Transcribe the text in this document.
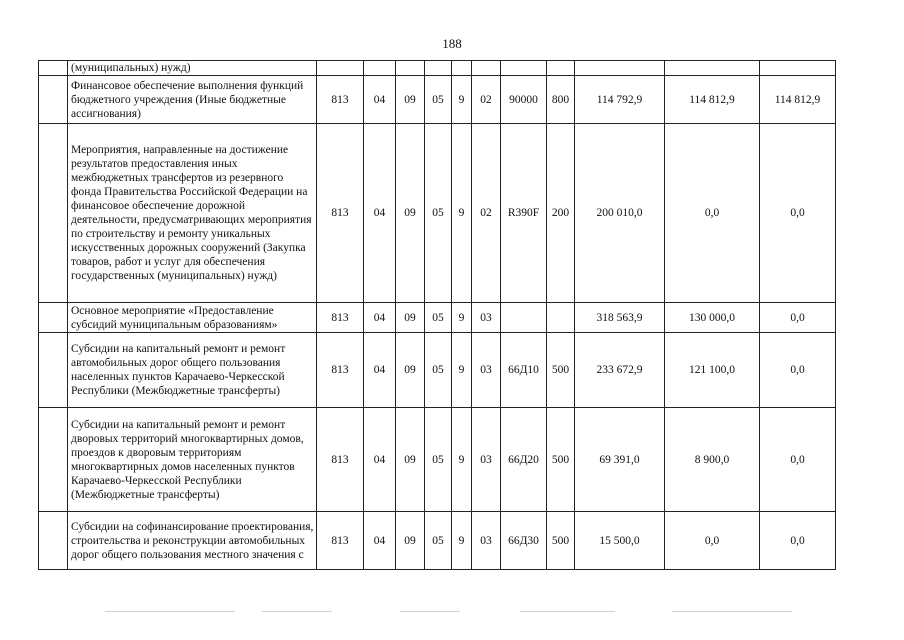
188
	(муниципальных) нужд)											
	Финансовое обеспечение выполнения функций бюджетного учреждения (Иные бюджетные ассигнования)	813	04	09	05	9	02	90000	800	114 792,9	114 812,9	114 812,9
	Мероприятия, направленные на достижение результатов предоставления иных межбюджетных трансфертов из резервного фонда Правительства Российской Федерации на финансовое обеспечение дорожной деятельности, предусматривающих мероприятия по строительству и ремонту уникальных искусственных дорожных сооружений (Закупка товаров, работ и услуг для обеспечения государственных (муниципальных) нужд)	813	04	09	05	9	02	R390F	200	200 010,0	0,0	0,0
	Основное мероприятие «Предоставление субсидий муниципальным образованиям»	813	04	09	05	9	03			318 563,9	130 000,0	0,0
	Субсидии на капитальный ремонт и ремонт автомобильных дорог общего пользования населенных пунктов Карачаево-Черкесской Республики (Межбюджетные трансферты)	813	04	09	05	9	03	66Д10	500	233 672,9	121 100,0	0,0
	Субсидии на капитальный ремонт и ремонт дворовых территорий многоквартирных домов, проездов к дворовым территориям многоквартирных домов населенных пунктов Карачаево-Черкесской Республики (Межбюджетные трансферты)	813	04	09	05	9	03	66Д20	500	69 391,0	8 900,0	0,0
	Субсидии на софинансирование проектирования, строительства и реконструкции автомобильных дорог общего пользования местного значения с	813	04	09	05	9	03	66Д30	500	15 500,0	0,0	0,0
